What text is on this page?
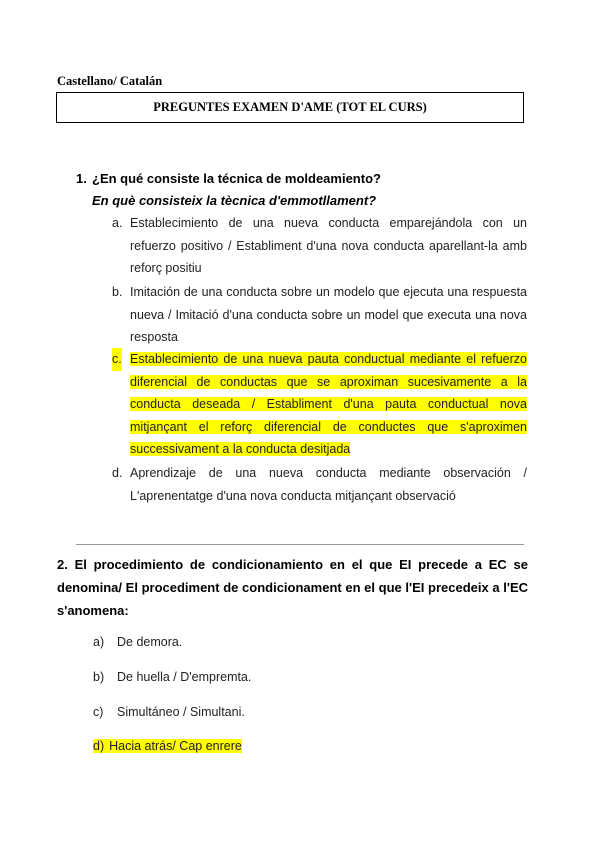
Castellano/ Catalán
PREGUNTES EXAMEN D'AME (TOT EL CURS)
1. ¿En qué consiste la técnica de moldeamiento?
En què consisteix la tècnica d'emmotllament?
a. Establecimiento de una nueva conducta emparejándola con un refuerzo positivo / Establiment d'una nova conducta aparellant-la amb reforç positiu
b. Imitación de una conducta sobre un modelo que ejecuta una respuesta nueva / Imitació d'una conducta sobre un model que executa una nova resposta
c. Establecimiento de una nueva pauta conductual mediante el refuerzo diferencial de conductas que se aproximan sucesivamente a la conducta deseada / Establiment d'una pauta conductual nova mitjançant el reforç diferencial de conductes que s'aproximen successivament a la conducta desitjada
d. Aprendizaje de una nueva conducta mediante observación / L'aprenentatge d'una nova conducta mitjançant observació
2. El procedimiento de condicionamiento en el que EI precede a EC se denomina/ El procediment de condicionament en el que l'EI precedeix a l'EC s'anomena:
a) De demora.
b) De huella / D'empremta.
c) Simultáneo / Simultani.
d) Hacia atrás/ Cap enrere
